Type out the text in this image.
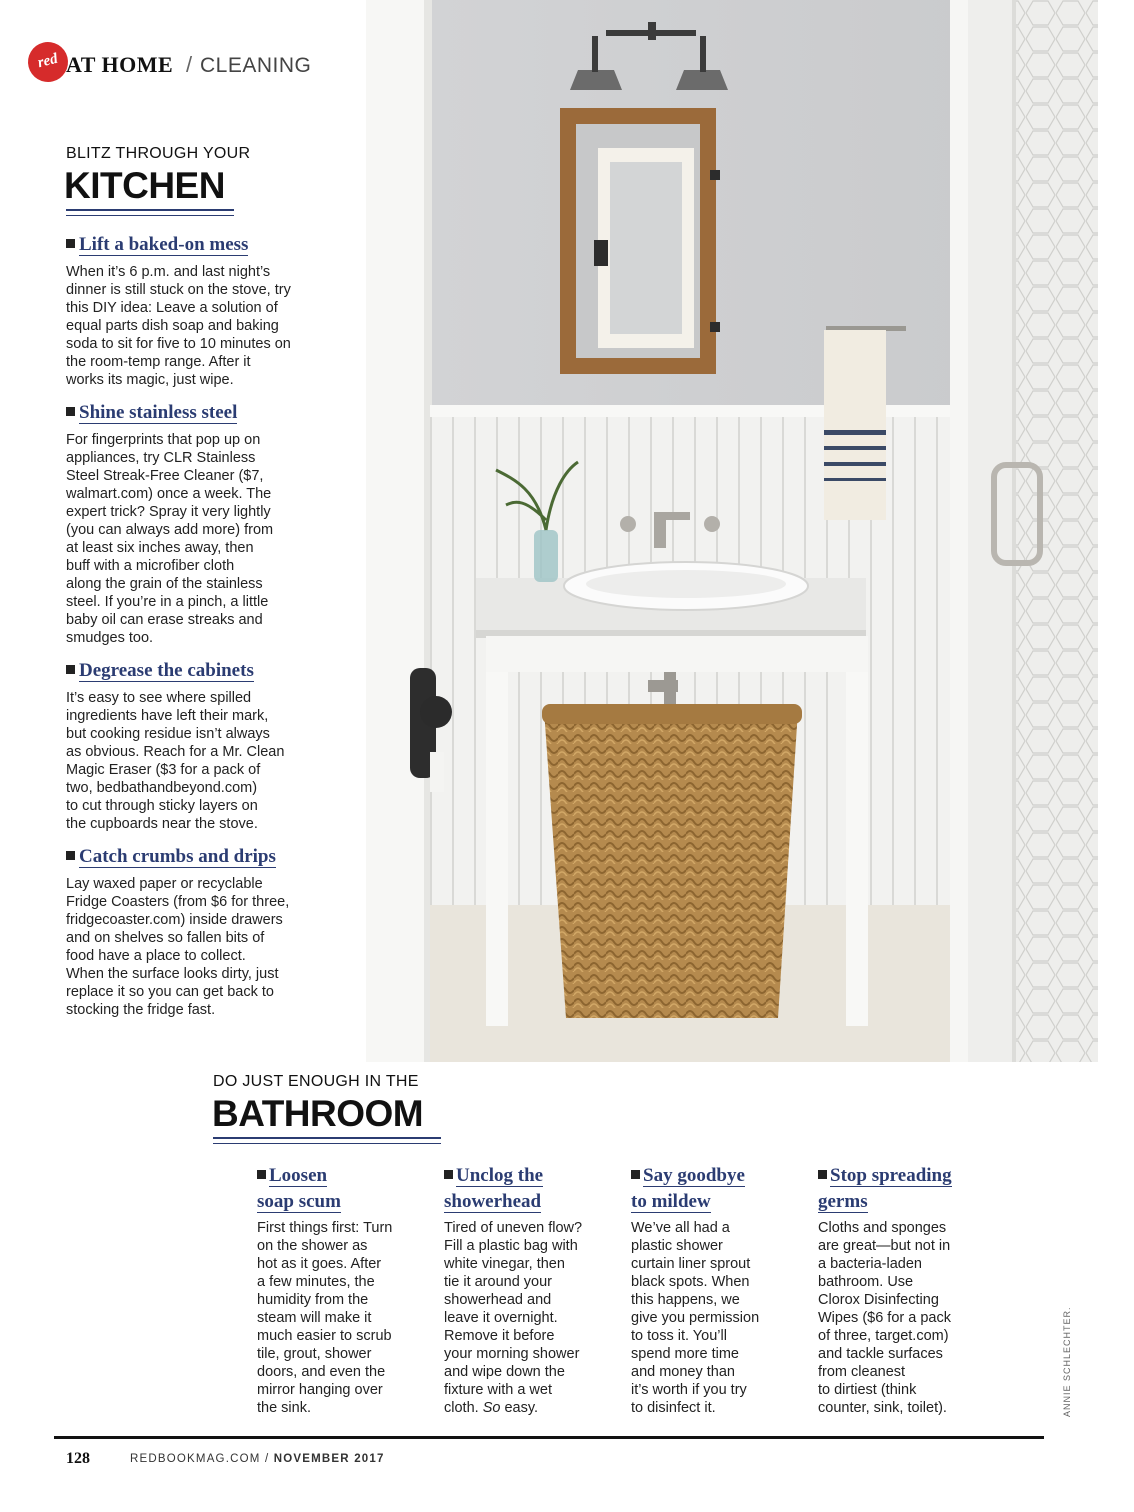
red AT HOME / CLEANING
BLITZ THROUGH YOUR
KITCHEN
Lift a baked-on mess
When it’s 6 p.m. and last night’s
dinner is still stuck on the stove, try
this DIY idea: Leave a solution of
equal parts dish soap and baking
soda to sit for five to 10 minutes on
the room-temp range. After it
works its magic, just wipe.
Shine stainless steel
For fingerprints that pop up on
appliances, try CLR Stainless
Steel Streak-Free Cleaner ($7,
walmart.com) once a week. The
expert trick? Spray it very lightly
(you can always add more) from
at least six inches away, then
buff with a microfiber cloth
along the grain of the stainless
steel. If you’re in a pinch, a little
baby oil can erase streaks and
smudges too.
Degrease the cabinets
It’s easy to see where spilled
ingredients have left their mark,
but cooking residue isn’t always
as obvious. Reach for a Mr. Clean
Magic Eraser ($3 for a pack of
two, bedbathandbeyond.com)
to cut through sticky layers on
the cupboards near the stove.
Catch crumbs and drips
Lay waxed paper or recyclable
Fridge Coasters (from $6 for three,
fridgecoaster.com) inside drawers
and on shelves so fallen bits of
food have a place to collect.
When the surface looks dirty, just
replace it so you can get back to
stocking the fridge fast.
DO JUST ENOUGH IN THE
BATHROOM
Loosen
soap scum
First things first: Turn
on the shower as
hot as it goes. After
a few minutes, the
humidity from the
steam will make it
much easier to scrub
tile, grout, shower
doors, and even the
mirror hanging over
the sink.
Unclog the
showerhead
Tired of uneven flow?
Fill a plastic bag with
white vinegar, then
tie it around your
showerhead and
leave it overnight.
Remove it before
your morning shower
and wipe down the
fixture with a wet
cloth. So easy.
Say goodbye
to mildew
We’ve all had a
plastic shower
curtain liner sprout
black spots. When
this happens, we
give you permission
to toss it. You’ll
spend more time
and money than
it’s worth if you try
to disinfect it.
Stop spreading
germs
Cloths and sponges
are great—but not in
a bacteria-laden
bathroom. Use
Clorox Disinfecting
Wipes ($6 for a pack
of three, target.com)
and tackle surfaces
from cleanest
to dirtiest (think
counter, sink, toilet).	ANNIE SCHLECHTER.
128	REDBOOKMAG.COM / NOVEMBER 2017
